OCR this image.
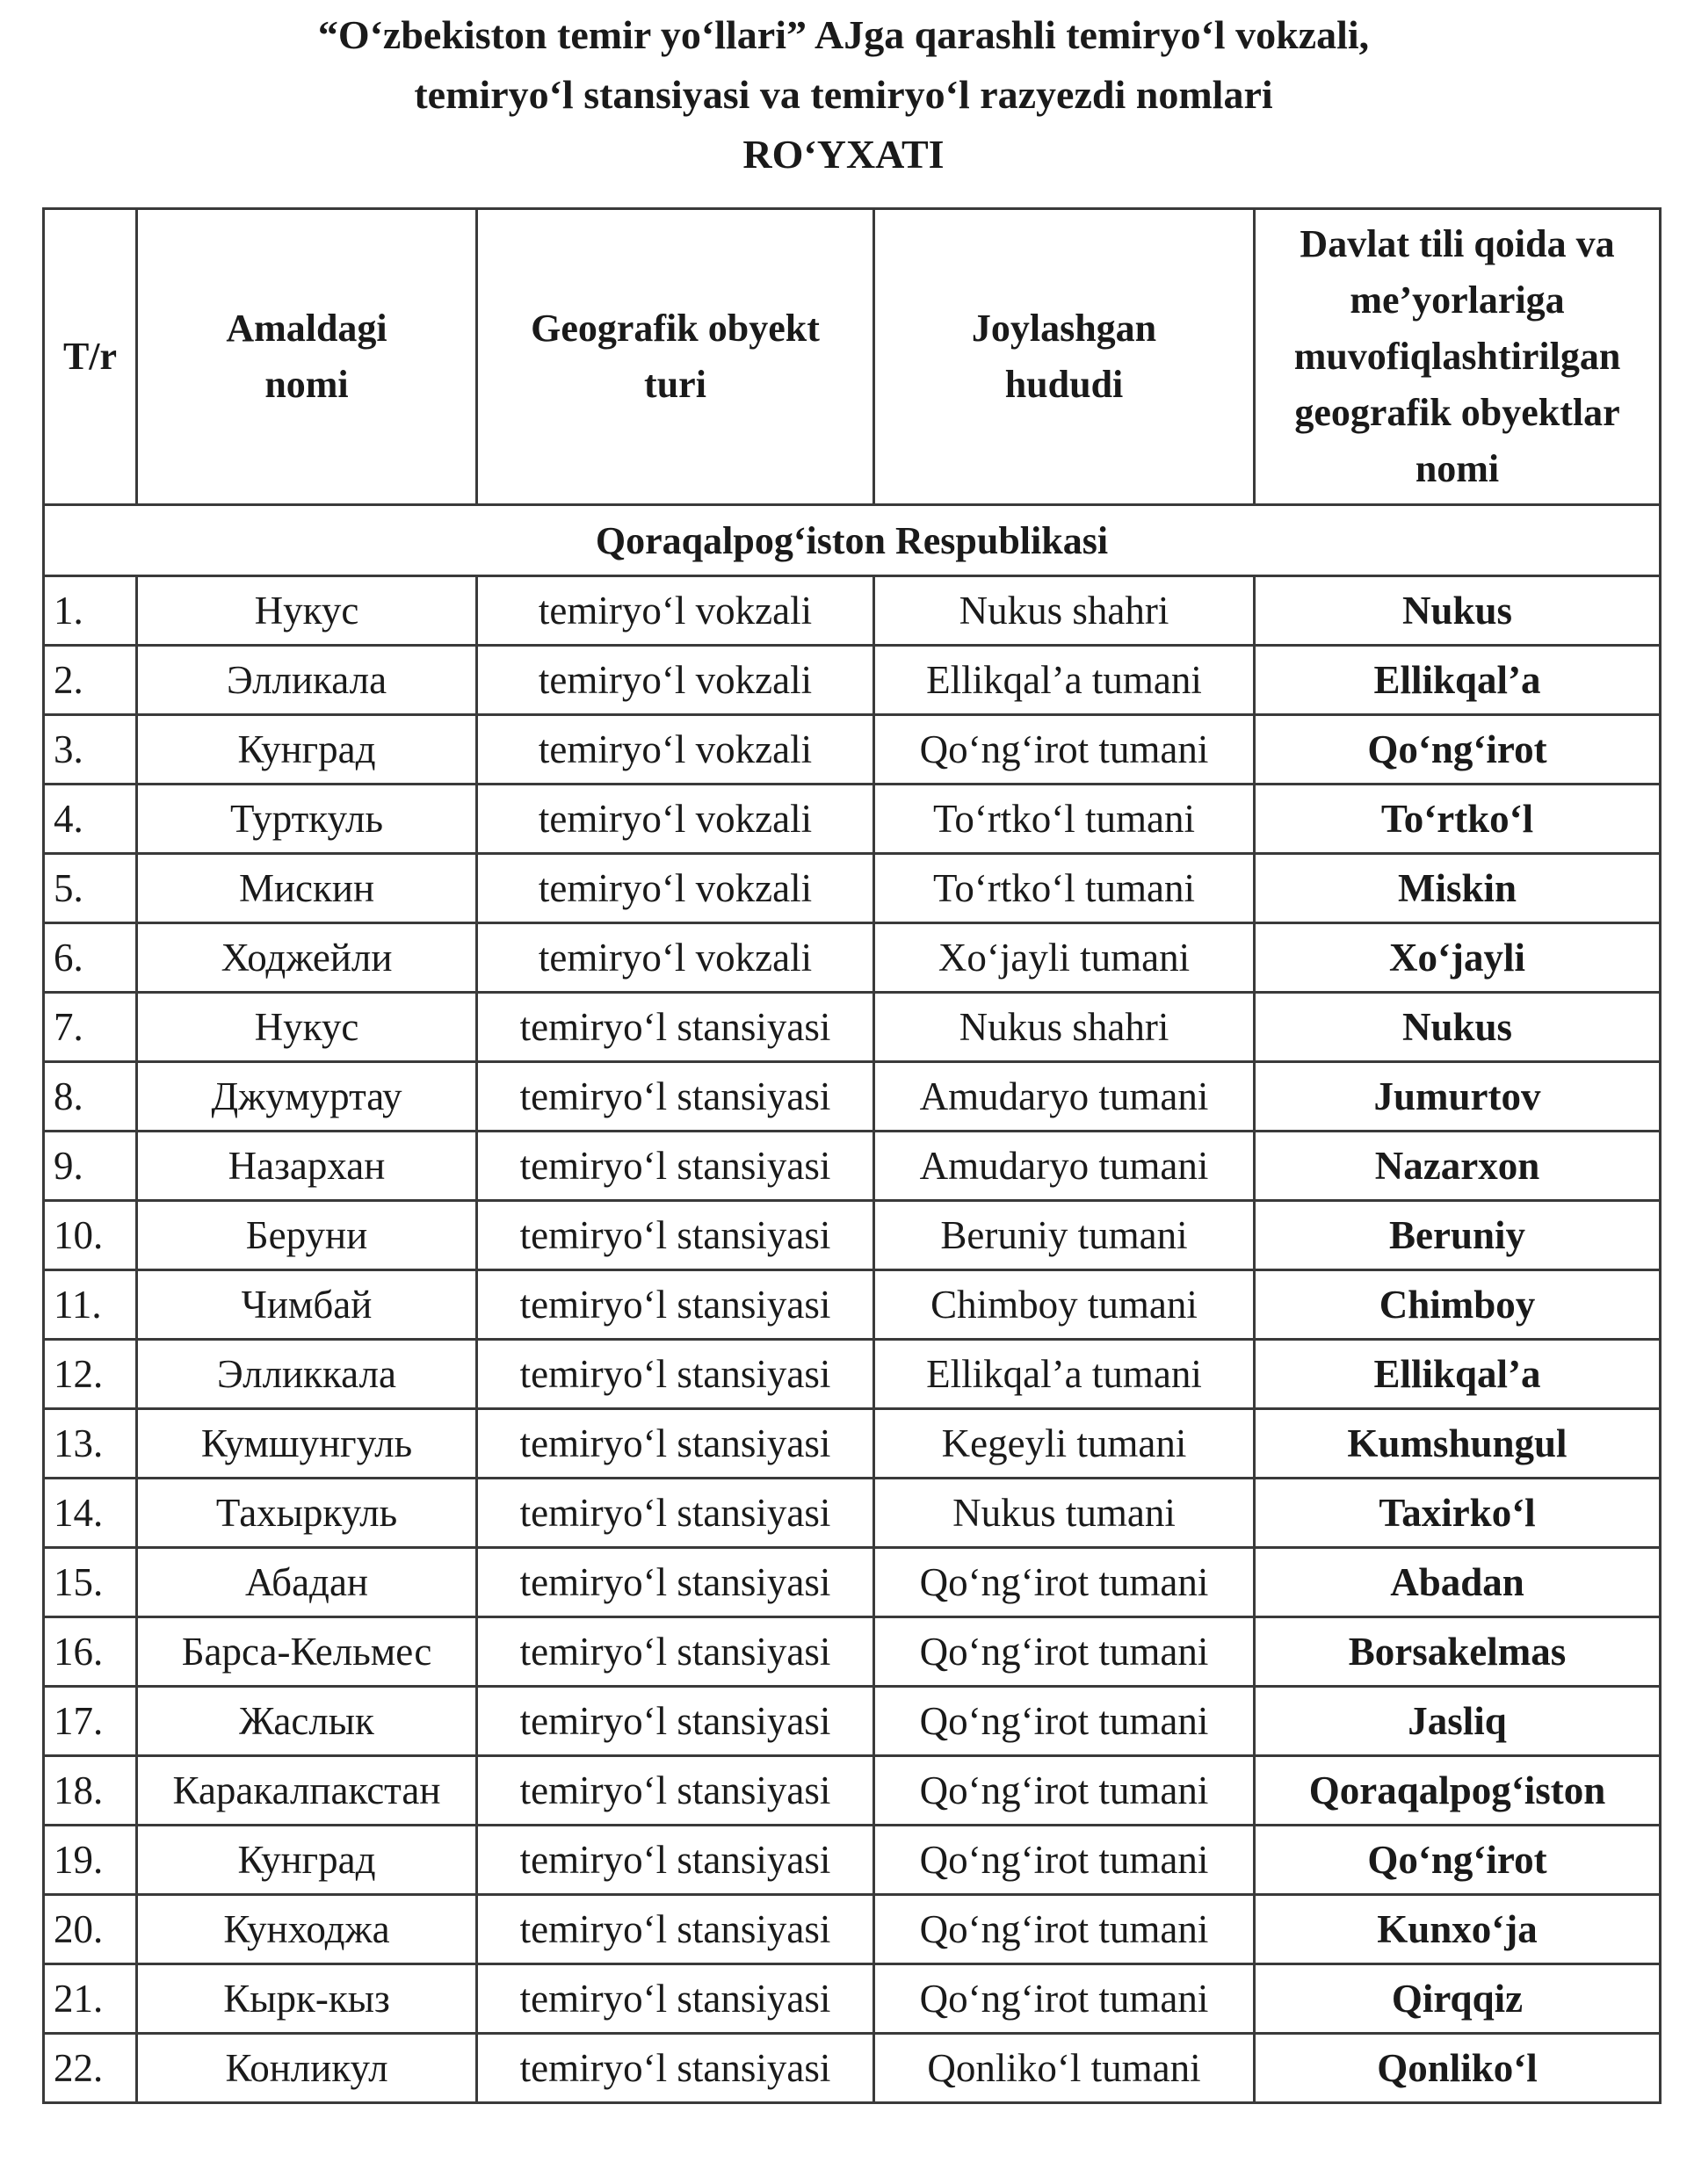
“O‘zbekiston temir yo‘llari” AJga qarashli temiryo‘l vokzali,
temiryo‘l stansiyasi va temiryo‘l razyezdi nomlari
RO‘YXATI
T/r	Amaldagi nomi	Geografik obyekt turi	Joylashgan hududi	Davlat tili qoida va me’yorlariga muvofiqlashtirilgan geografik obyektlar nomi
Qoraqalpog‘iston Respublikasi				
1.	Нукус	temiryo‘l vokzali	Nukus shahri	Nukus
2.	Элликала	temiryo‘l vokzali	Ellikqal’a tumani	Ellikqal’a
3.	Кунград	temiryo‘l vokzali	Qo‘ng‘irot tumani	Qo‘ng‘irot
4.	Турткуль	temiryo‘l vokzali	To‘rtko‘l tumani	To‘rtko‘l
5.	Мискин	temiryo‘l vokzali	To‘rtko‘l tumani	Miskin
6.	Ходжейли	temiryo‘l vokzali	Xo‘jayli tumani	Xo‘jayli
7.	Нукус	temiryo‘l stansiyasi	Nukus shahri	Nukus
8.	Джумуртау	temiryo‘l stansiyasi	Amudaryo tumani	Jumurtov
9.	Назархан	temiryo‘l stansiyasi	Amudaryo tumani	Nazarxon
10.	Беруни	temiryo‘l stansiyasi	Beruniy tumani	Beruniy
11.	Чимбай	temiryo‘l stansiyasi	Chimboy tumani	Chimboy
12.	Элликкала	temiryo‘l stansiyasi	Ellikqal’a tumani	Ellikqal’a
13.	Кумшунгуль	temiryo‘l stansiyasi	Kegeyli tumani	Kumshungul
14.	Тахыркуль	temiryo‘l stansiyasi	Nukus tumani	Taxirko‘l
15.	Абадан	temiryo‘l stansiyasi	Qo‘ng‘irot tumani	Abadan
16.	Барса-Кельмес	temiryo‘l stansiyasi	Qo‘ng‘irot tumani	Borsakelmas
17.	Жаслык	temiryo‘l stansiyasi	Qo‘ng‘irot tumani	Jasliq
18.	Каракалпакстан	temiryo‘l stansiyasi	Qo‘ng‘irot tumani	Qoraqalpog‘iston
19.	Кунград	temiryo‘l stansiyasi	Qo‘ng‘irot tumani	Qo‘ng‘irot
20.	Кунходжа	temiryo‘l stansiyasi	Qo‘ng‘irot tumani	Kunxo‘ja
21.	Кырк-кыз	temiryo‘l stansiyasi	Qo‘ng‘irot tumani	Qirqqiz
22.	Конликул	temiryo‘l stansiyasi	Qonliko‘l tumani	Qonliko‘l
